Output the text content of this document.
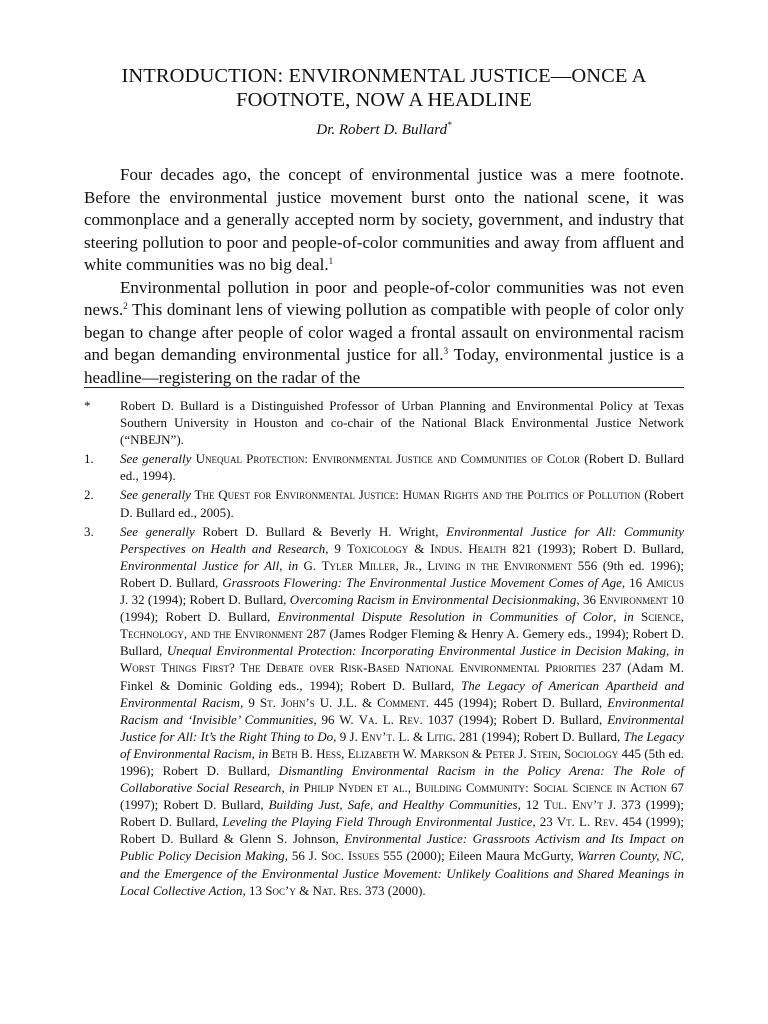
INTRODUCTION: ENVIRONMENTAL JUSTICE—ONCE A FOOTNOTE, NOW A HEADLINE
Dr. Robert D. Bullard*

Four decades ago, the concept of environmental justice was a mere footnote. Before the environmental justice movement burst onto the national scene, it was commonplace and a generally accepted norm by society, government, and industry that steering pollution to poor and people-of-color communities and away from affluent and white communities was no big deal.$^1$

Environmental pollution in poor and people-of-color communities was not even news.$^2$ This dominant lens of viewing pollution as compatible with people of color only began to change after people of color waged a frontal assault on environmental racism and began demanding environmental justice for all.$^3$ Today, environmental justice is a headline—registering on the radar of the

*	Robert D. Bullard is a Distinguished Professor of Urban Planning and Environmental Policy at Texas Southern University in Houston and co-chair of the National Black Environmental Justice Network (“NBEJN”).
1.	See generally Unequal Protection: Environmental Justice and Communities of Color (Robert D. Bullard ed., 1994).
2.	See generally The Quest for Environmental Justice: Human Rights and the Politics of Pollution (Robert D. Bullard ed., 2005).
3.	See generally Robert D. Bullard & Beverly H. Wright, Environmental Justice for All: Community Perspectives on Health and Research, 9 Toxicology & Indus. Health 821 (1993); Robert D. Bullard, Environmental Justice for All, in G. Tyler Miller, Jr., Living in the Environment 556 (9th ed. 1996); Robert D. Bullard, Grassroots Flowering: The Environmental Justice Movement Comes of Age, 16 Amicus J. 32 (1994); Robert D. Bullard, Overcoming Racism in Environmental Decisionmaking, 36 Environment 10 (1994); Robert D. Bullard, Environmental Dispute Resolution in Communities of Color, in Science, Technology, and the Environment 287 (James Rodger Fleming & Henry A. Gemery eds., 1994); Robert D. Bullard, Unequal Environmental Protection: Incorporating Environmental Justice in Decision Making, in Worst Things First? The Debate over Risk-Based National Environmental Priorities 237 (Adam M. Finkel & Dominic Golding eds., 1994); Robert D. Bullard, The Legacy of American Apartheid and Environmental Racism, 9 St. John’s U. J.L. & Comment. 445 (1994); Robert D. Bullard, Environmental Racism and ‘Invisible’ Communities, 96 W. Va. L. Rev. 1037 (1994); Robert D. Bullard, Environmental Justice for All: It’s the Right Thing to Do, 9 J. Env’t. L. & Litig. 281 (1994); Robert D. Bullard, The Legacy of Environmental Racism, in Beth B. Hess, Elizabeth W. Markson & Peter J. Stein, Sociology 445 (5th ed. 1996); Robert D. Bullard, Dismantling Environmental Racism in the Policy Arena: The Role of Collaborative Social Research, in Philip Nyden et al., Building Community: Social Science in Action 67 (1997); Robert D. Bullard, Building Just, Safe, and Healthy Communities, 12 Tul. Env’t J. 373 (1999); Robert D. Bullard, Leveling the Playing Field Through Environmental Justice, 23 Vt. L. Rev. 454 (1999); Robert D. Bullard & Glenn S. Johnson, Environmental Justice: Grassroots Activism and Its Impact on Public Policy Decision Making, 56 J. Soc. Issues 555 (2000); Eileen Maura McGurty, Warren County, NC, and the Emergence of the Environmental Justice Movement: Unlikely Coalitions and Shared Meanings in Local Collective Action, 13 Soc’y & Nat. Res. 373 (2000).
